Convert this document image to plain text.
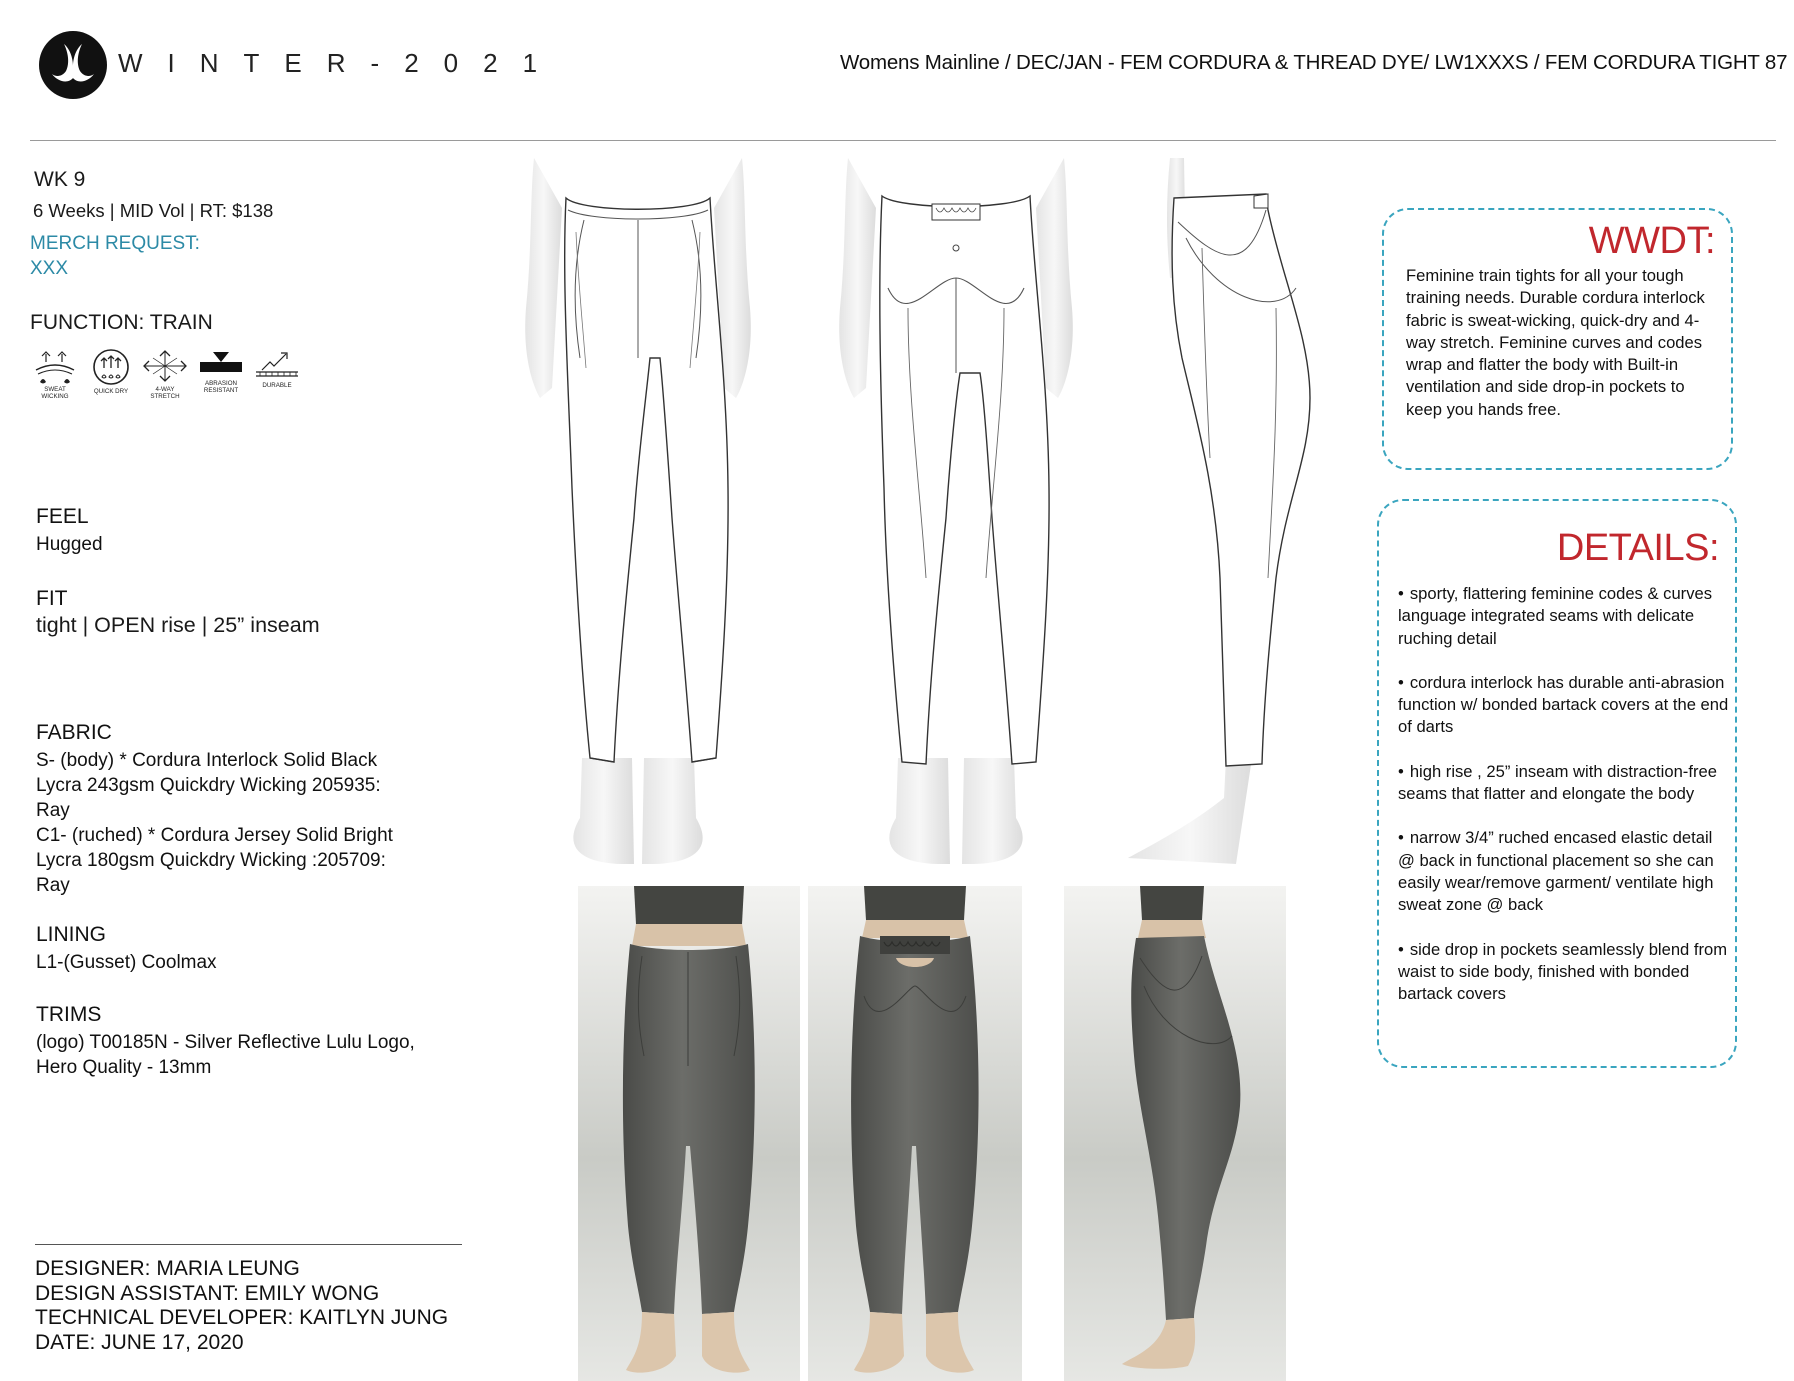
WINTER-2021	Womens Mainline / DEC/JAN - FEM CORDURA & THREAD DYE/ LW1XXXS / FEM CORDURA TIGHT 87
WK 9
6 Weeks | MID Vol | RT: $138
MERCH REQUEST:
XXX
FUNCTION: TRAIN
SWEAT
WICKING
QUICK DRY	4-WAY
STRETCH
ABRASION
RESISTANT
DURABLE
FEEL
Hugged
FIT
tight | OPEN rise | 25” inseam
FABRIC
S- (body) * Cordura Interlock Solid Black
Lycra 243gsm Quickdry Wicking 205935:
Ray
C1- (ruched) * Cordura Jersey Solid Bright
Lycra 180gsm Quickdry Wicking :205709:
Ray
LINING
L1-(Gusset) Coolmax
TRIMS
(logo) T00185N - Silver Reflective Lulu Logo,
Hero Quality - 13mm
DESIGNER: MARIA LEUNG
DESIGN ASSISTANT: EMILY WONG
TECHNICAL DEVELOPER: KAITLYN JUNG
DATE: JUNE 17, 2020
WWDT:
Feminine train tights for all your tough training needs. Durable cordura interlock fabric is sweat-wicking, quick-dry and 4-way stretch. Feminine curves and codes wrap and flatter the body with Built-in ventilation and side drop-in pockets to keep you hands free.
DETAILS:
• sporty, flattering feminine codes & curves language integrated seams with delicate ruching detail
• cordura interlock has durable anti-abrasion function w/ bonded bartack covers at the end of darts
• high rise , 25” inseam with distraction-free seams that flatter and elongate the body
• narrow 3/4” ruched encased elastic detail @ back in functional placement so she can easily wear/remove garment/ ventilate high sweat zone @ back
• side drop in pockets seamlessly blend from waist to side body, finished with bonded bartack covers
